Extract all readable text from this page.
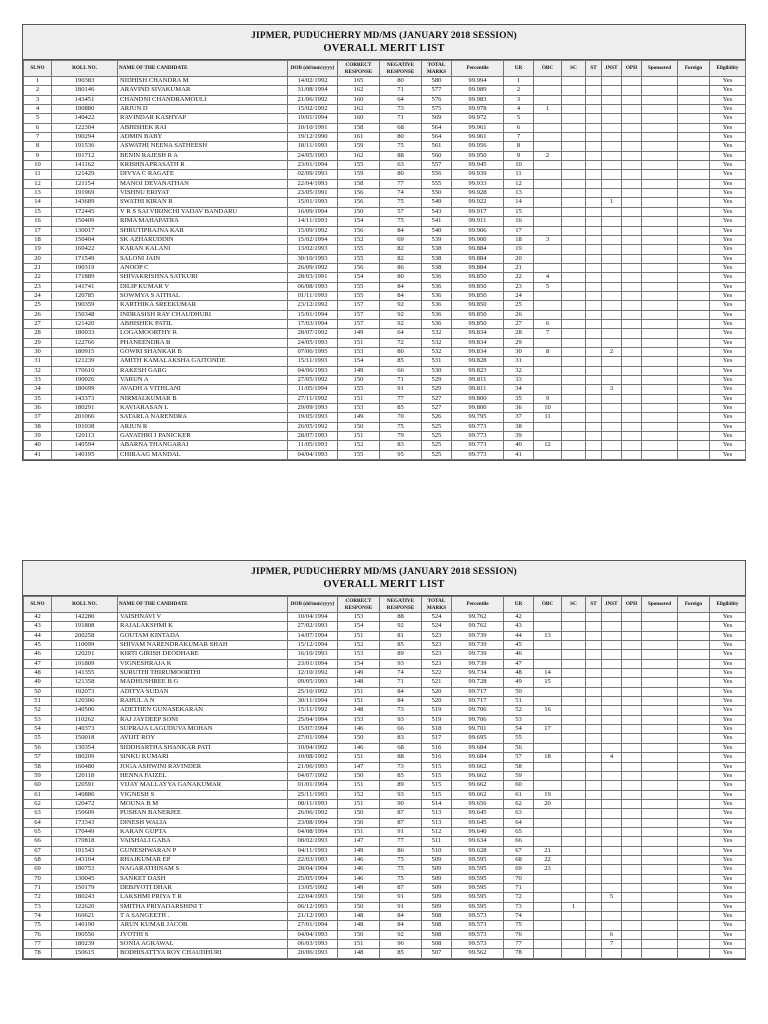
JIPMER, PUDUCHERRY MD/MS (JANUARY 2018 SESSION)
OVERALL MERIT LIST
SLNO	ROLL NO.	NAME OF THE CANDIDATE	DOB (dd/mm/yyyy)	CORRECT RESPONSE	NEGATIVE RESPONSE	TOTAL MARKS	Percentile	UR	OBC	SC	ST	INST	OPH	Sponsored	Foreign	Eligibility
1	190383	NIDHISH CHANDRA M	14/02/1992	165	80	580	99.994	1								Yes
2	180146	ARAVIND SIVAKUMAR	31/08/1994	162	71	577	99.989	2								Yes
3	143451	CHANDNI CHANDRAMOULI	21/06/1992	160	64	576	99.983	3								Yes
4	190880	ARJUN D	15/02/1992	162	73	575	99.978	4	1							Yes
5	140422	RAVINDAR KASHYAP	19/01/1994	160	71	569	99.972	5								Yes
6	122304	ABHISHEK RAI	10/10/1991	158	68	564	99.961	6								Yes
7	190294	ADMIN BABY	19/12/1990	161	80	564	99.961	7								Yes
8	191536	ASWATHI NEENA SATHEESH	18/11/1993	159	75	561	99.956	8								Yes
9	191712	BENIN RAJESH R A	24/05/1993	162	88	560	99.950	9	2							Yes
10	141162	KRISHNAPRASATH R	23/01/1994	155	63	557	99.945	10								Yes
11	121429	DIVYA C RAGATE	02/09/1993	159	80	556	99.939	11								Yes
12	121154	MANOJ DEVANATHAN	22/04/1993	158	77	555	99.933	12								Yes
13	191969	VISHNU ERIYAT	23/05/1991	156	74	550	99.928	13								Yes
14	143689	SWATHI KIRAN R	15/01/1993	156	75	549	99.922	14				1				Yes
15	172445	V R S SAI VIRINCHI YADAV BANDARU	16/09/1994	150	57	543	99.917	15								Yes
16	150409	RIMA MAHAPATRA	14/11/1993	154	75	541	99.911	16								Yes
17	130017	SHRUTIPRAJNA KAR	15/09/1992	156	84	540	99.906	17								Yes
18	150404	SK AZHARUDDIN	15/02/1994	152	69	539	99.900	18	3							Yes
19	160422	KARAN KALANI	13/02/1993	155	82	538	99.884	19								Yes
20	171549	SALONI JAIN	30/10/1993	155	82	538	99.884	20								Yes
21	190319	ANOOP C	26/09/1992	156	86	538	99.884	21								Yes
22	171889	SHIVAKRISHNA SATKURI	28/03/1991	154	80	536	99.850	22	4							Yes
23	141741	DILIP KUMAR V	06/08/1993	155	84	536	99.850	23	5							Yes
24	120785	SOWMYA S AITHAL	01/11/1993	155	84	536	99.850	24								Yes
25	190359	KARTHIKA SREEKUMAR	23/12/1992	157	92	536	99.850	25								Yes
26	150348	INDRASISH RAY CHAUDHURI	15/01/1994	157	92	536	99.850	26								Yes
27	121420	ABHISHEK PATIL	17/03/1994	157	92	536	99.850	27	6							Yes
28	180033	LOGAMOORTHY R	28/07/1992	149	64	532	99.834	28	7							Yes
29	122766	PHANEENDRA B	24/05/1993	151	72	532	99.834	29								Yes
30	180915	GOWRI SHANKAR B	07/06/1995	153	80	532	99.834	30	8			2				Yes
31	121239	AMITH KAMALAKSHA GAITONDE	15/11/1993	154	85	531	99.828	31								Yes
32	170610	RAKESH GARG	04/06/1993	149	66	530	99.823	32								Yes
33	190026	VARUN A	27/05/1992	150	71	529	99.811	33								Yes
34	180699	AVADH A VITHLANI	11/05/1994	155	91	529	99.811	34				3				Yes
35	143373	NIRMALKUMAR B	27/11/1992	151	77	527	99.800	35	9							Yes
36	180291	KAVIARASAN L	29/09/1993	153	85	527	99.800	36	10							Yes
37	201066	SATARLA NARENDRA	19/05/1993	149	70	526	99.795	37	11							Yes
38	191038	ARJUN R	26/05/1992	150	75	525	99.773	38								Yes
39	120113	GAYATHRI J PANICKER	28/07/1993	151	79	525	99.773	39								Yes
40	140594	ABARNA THANGARAJ	11/05/1993	152	83	525	99.773	40	12							Yes
41	140195	CHIRAAG MANDAL	04/04/1993	155	95	525	99.773	41								Yes
JIPMER, PUDUCHERRY MD/MS (JANUARY 2018 SESSION)
OVERALL MERIT LIST
SLNO	ROLL NO.	NAME OF THE CANDIDATE	DOB (dd/mm/yyyy)	CORRECT RESPONSE	NEGATIVE RESPONSE	TOTAL MARKS	Percentile	UR	OBC	SC	ST	INST	OPH	Sponsored	Foreign	Eligibility
42	142280	VAISHNAVI V	10/04/1994	153	88	524	99.762	42								Yes
43	191808	RAJALAKSHMI K	27/02/1993	154	92	524	99.762	43								Yes
44	200258	GOUTAM KINTADA	14/07/1994	151	81	523	99.739	44	13							Yes
45	110099	SHIVAM NARENDRAKUMAR SHAH	15/12/1994	152	85	523	99.739	45								Yes
46	120291	KIRTI GIRISH DEODHARE	16/10/1993	153	89	523	99.739	46								Yes
47	191809	VIGNESHRAJA K	23/01/1994	154	93	523	99.739	47								Yes
48	141355	SURUTHI THIRUMOORTHI	12/10/1992	149	74	522	99.734	48	14							Yes
49	121358	MADHUSHREE B G	09/05/1993	148	71	521	99.728	49	15							Yes
50	192073	ADITYA SUDAN	25/10/1992	151	84	520	99.717	50								Yes
51	120306	RAHUL A N	30/11/1994	151	84	520	99.717	51								Yes
52	140506	ADETHEN GUNASEKARAN	15/11/1992	148	73	519	99.706	52	16							Yes
53	110262	RAJ JAYDEEP SONI	25/04/1994	153	93	519	99.706	53								Yes
54	140373	SUPRAJA LAGUDUVA MOHAN	15/07/1994	146	66	518	99.701	54	17							Yes
55	150018	AVIJIT ROY	27/01/1994	150	83	517	99.695	55								Yes
56	130354	SIDDHARTHA SHANKAR PATI	10/04/1992	146	68	516	99.684	56								Yes
57	180209	SINKU KUMARI	10/08/1992	151	88	516	99.684	57	18			4				Yes
58	160480	JOGA ASHWINI RAVINDER	21/06/1993	147	73	515	99.662	58								Yes
59	120118	HENNA FAIZEL	04/07/1992	150	85	515	99.662	59								Yes
60	120591	VIJAY MALLAYYA GANAKUMAR	01/01/1994	151	89	515	99.662	60								Yes
61	140886	VIGNESH S	25/11/1993	152	93	515	99.662	61	19							Yes
62	120472	MOUNA B M	08/11/1993	151	90	514	99.656	62	20							Yes
63	150609	PUSHAN BANERJEE	26/06/1992	150	87	513	99.645	63								Yes
64	173343	DINESH WALIA	23/08/1994	150	87	513	99.645	64								Yes
65	170449	KARAN GUPTA	04/08/1994	151	91	512	99.640	65								Yes
66	170818	VAISHALI GABA	08/02/1993	147	77	511	99.634	66								Yes
67	191543	GUNESHWARAN P	04/11/1993	149	86	510	99.628	67	21							Yes
68	143104	RHAJKUMAR EP	22/03/1993	146	75	509	99.595	68	22							Yes
69	180753	NAGARATHINAM S	28/04/1994	146	75	509	99.595	69	23							Yes
70	130045	SANKET DASH	25/05/1994	146	75	509	99.595	70								Yes
71	150179	DEBJYOTI DHAR	13/05/1992	149	87	509	99.595	71								Yes
72	180243	LAKSHMI PRIYA T R	22/04/1993	150	91	509	99.595	72				5				Yes
73	122620	SMITHA PRIYADARSHINI T	06/12/1993	150	91	509	99.595	73		1						Yes
74	160621	T A SANGEETH .	21/12/1993	148	84	508	99.573	74								Yes
75	140190	ARUN KUMAR JACOB	27/01/1994	148	84	508	99.573	75								Yes
76	190556	JYOTHI S	04/04/1993	150	92	508	99.573	76				6				Yes
77	180239	SONIA AGRAWAL	06/03/1993	151	96	508	99.573	77				7				Yes
78	150615	BODHISATTYA ROY CHAUDHURI	20/06/1993	148	85	507	99.562	78								Yes
